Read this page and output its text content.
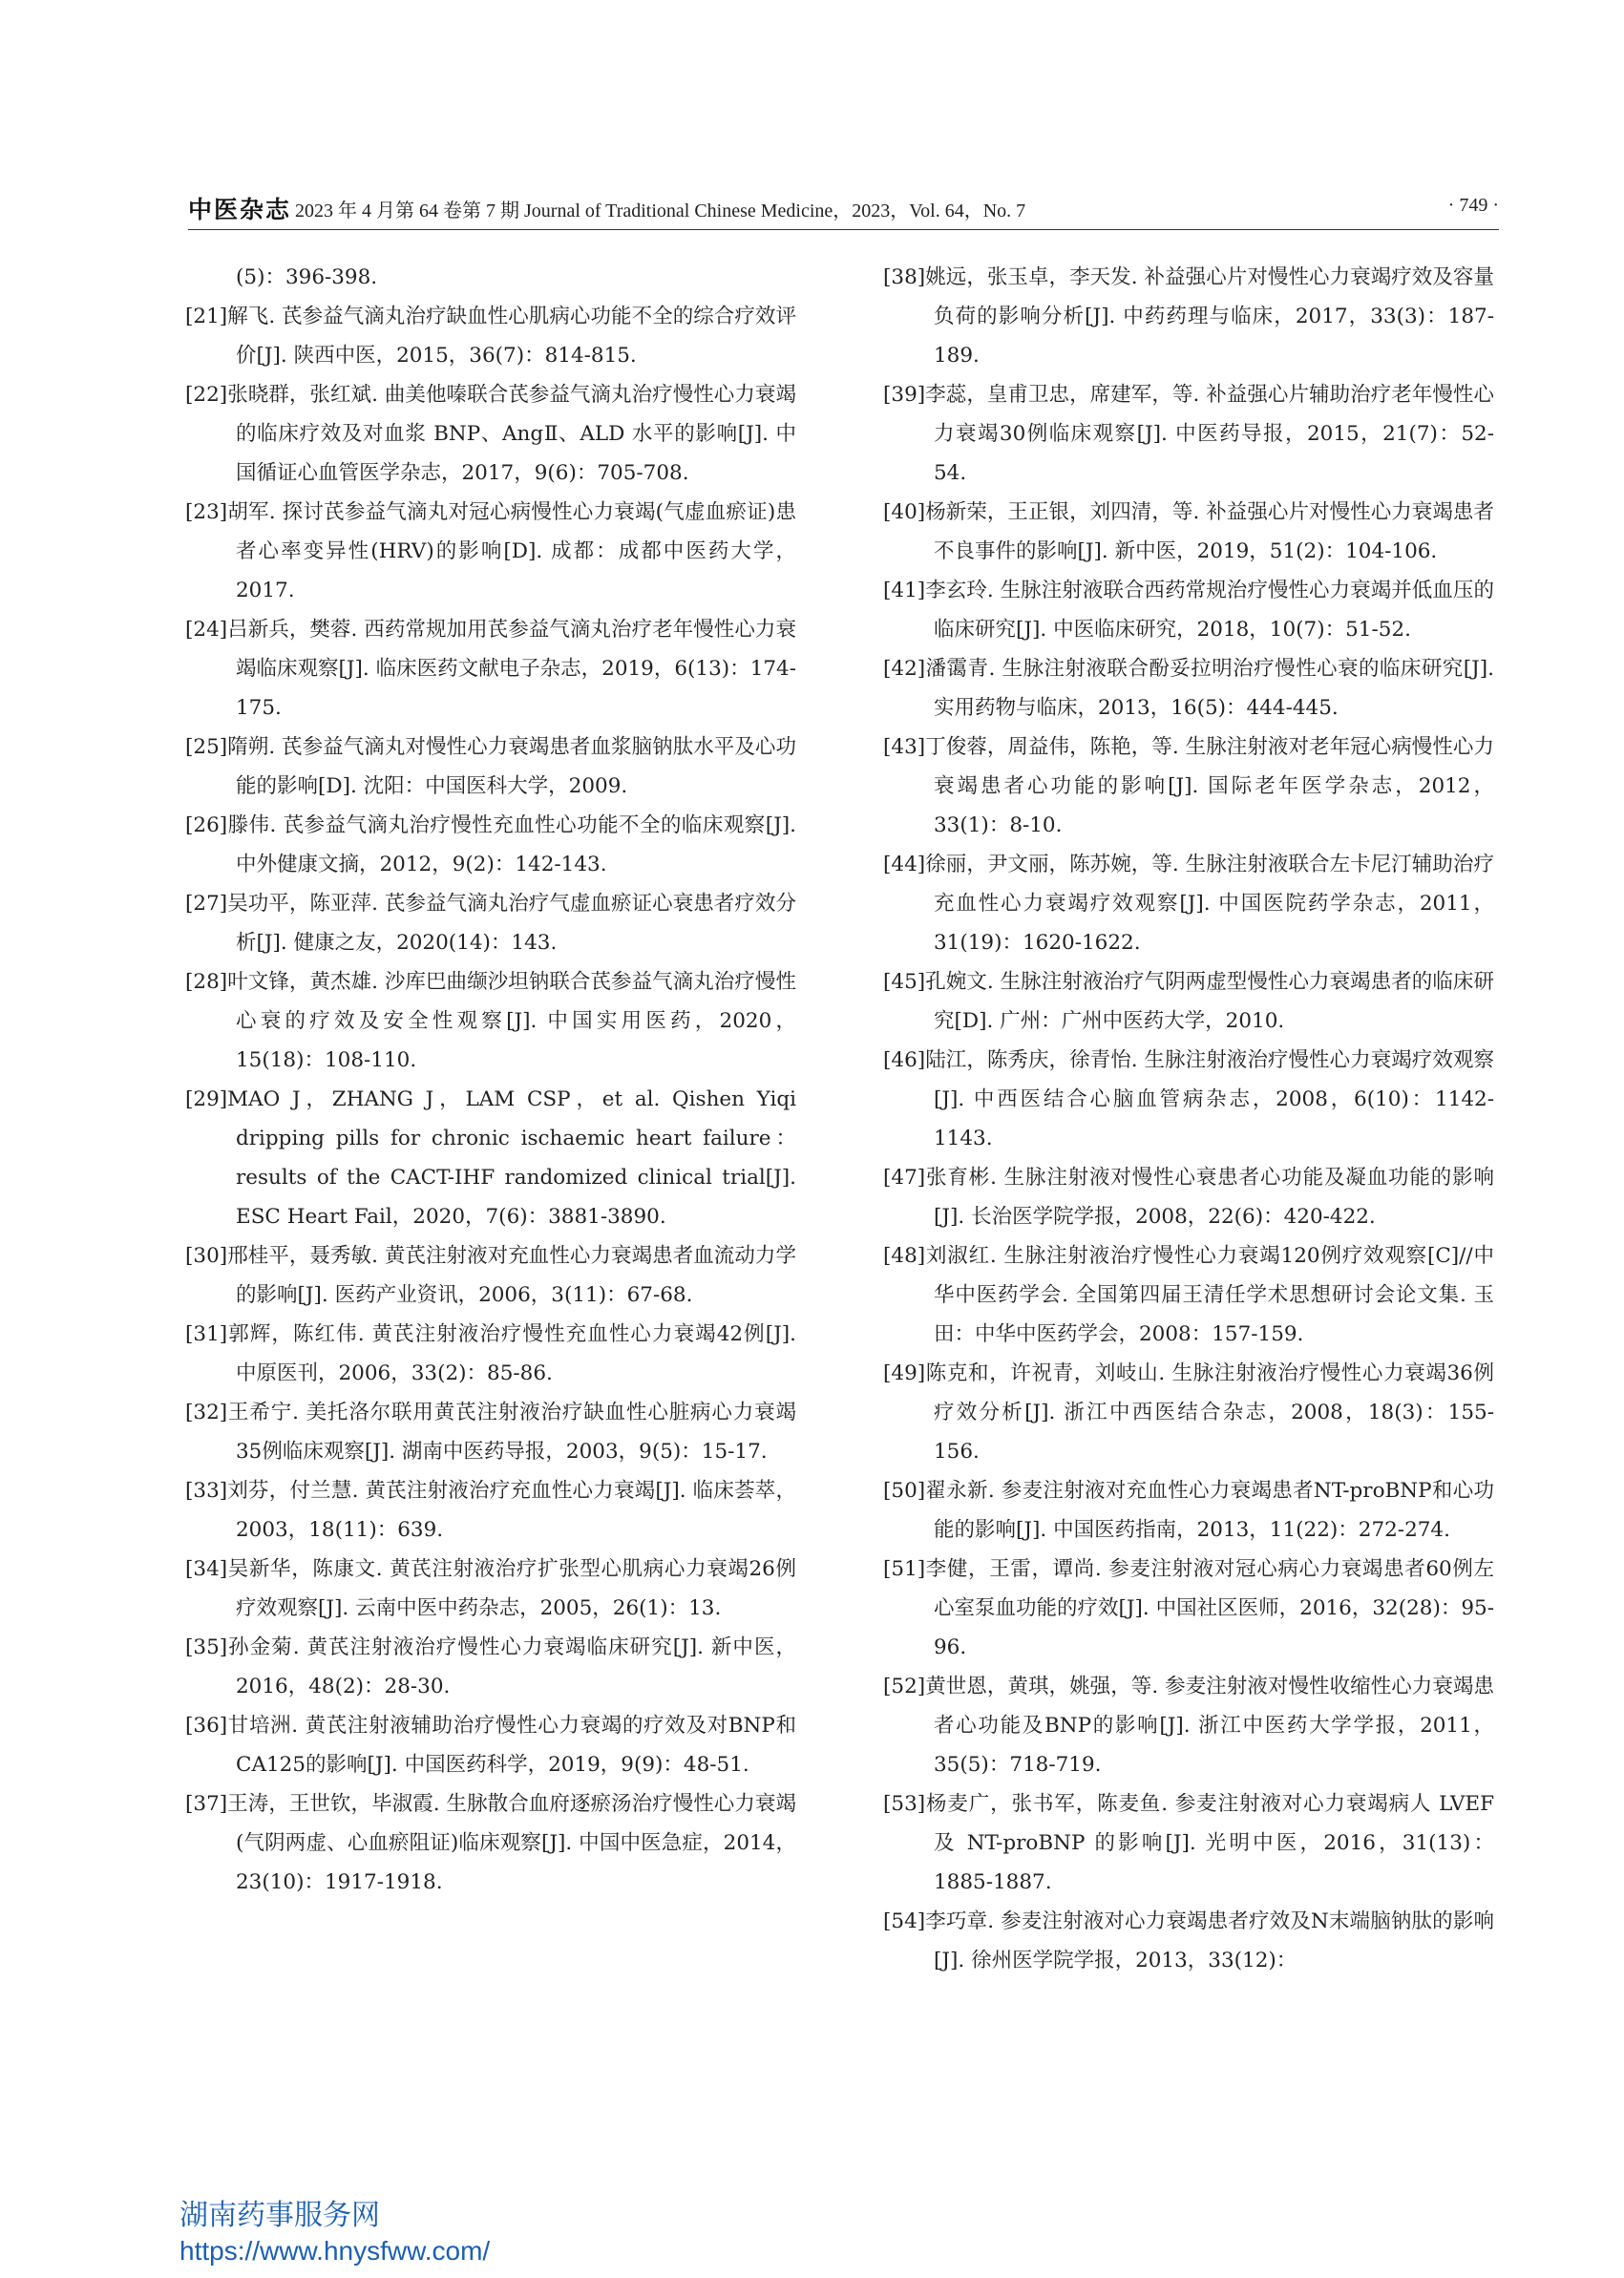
中医杂志 2023 年 4 月第 64 卷第 7 期 Journal of Traditional Chinese Medicine，2023，Vol. 64，No. 7	· 749 ·

(5)：396-398.

[21]解飞. 芪参益气滴丸治疗缺血性心肌病心功能不全的综合疗效评价[J]. 陕西中医，2015，36(7)：814-815.

[22]张晓群，张红斌. 曲美他嗪联合芪参益气滴丸治疗慢性心力衰竭的临床疗效及对血浆 BNP、AngⅡ、ALD 水平的影响[J]. 中国循证心血管医学杂志，2017，9(6)：705-708.

[23]胡军. 探讨芪参益气滴丸对冠心病慢性心力衰竭(气虚血瘀证)患者心率变异性(HRV)的影响[D]. 成都：成都中医药大学，2017.

[24]吕新兵，樊蓉. 西药常规加用芪参益气滴丸治疗老年慢性心力衰竭临床观察[J]. 临床医药文献电子杂志，2019，6(13)：174-175.

[25]隋朔. 芪参益气滴丸对慢性心力衰竭患者血浆脑钠肽水平及心功能的影响[D]. 沈阳：中国医科大学，2009.

[26]滕伟. 芪参益气滴丸治疗慢性充血性心功能不全的临床观察[J]. 中外健康文摘，2012，9(2)：142-143.

[27]吴功平，陈亚萍. 芪参益气滴丸治疗气虚血瘀证心衰患者疗效分析[J]. 健康之友，2020(14)：143.

[28]叶文锋，黄杰雄. 沙库巴曲缬沙坦钠联合芪参益气滴丸治疗慢性心衰的疗效及安全性观察[J]. 中国实用医药，2020，15(18)：108-110.

[29]MAO J，ZHANG J，LAM CSP，et al. Qishen Yiqi dripping pills for chronic ischaemic heart failure：results of the CACT-IHF randomized clinical trial[J]. ESC Heart Fail，2020，7(6)：3881-3890.

[30]邢桂平，聂秀敏. 黄芪注射液对充血性心力衰竭患者血流动力学的影响[J]. 医药产业资讯，2006，3(11)：67-68.

[31]郭辉，陈红伟. 黄芪注射液治疗慢性充血性心力衰竭42例[J]. 中原医刊，2006，33(2)：85-86.

[32]王希宁. 美托洛尔联用黄芪注射液治疗缺血性心脏病心力衰竭35例临床观察[J]. 湖南中医药导报，2003，9(5)：15-17.

[33]刘芬，付兰慧. 黄芪注射液治疗充血性心力衰竭[J]. 临床荟萃，2003，18(11)：639.

[34]吴新华，陈康文. 黄芪注射液治疗扩张型心肌病心力衰竭26例疗效观察[J]. 云南中医中药杂志，2005，26(1)：13.

[35]孙金菊. 黄芪注射液治疗慢性心力衰竭临床研究[J]. 新中医，2016，48(2)：28-30.

[36]甘培洲. 黄芪注射液辅助治疗慢性心力衰竭的疗效及对BNP和CA125的影响[J]. 中国医药科学，2019，9(9)：48-51.

[37]王涛，王世钦，毕淑霞. 生脉散合血府逐瘀汤治疗慢性心力衰竭(气阴两虚、心血瘀阻证)临床观察[J]. 中国中医急症，2014，23(10)：1917-1918.

[38]姚远，张玉卓，李天发. 补益强心片对慢性心力衰竭疗效及容量负荷的影响分析[J]. 中药药理与临床，2017，33(3)：187-189.

[39]李蕊，皇甫卫忠，席建军，等. 补益强心片辅助治疗老年慢性心力衰竭30例临床观察[J]. 中医药导报，2015，21(7)：52-54.

[40]杨新荣，王正银，刘四清，等. 补益强心片对慢性心力衰竭患者不良事件的影响[J]. 新中医，2019，51(2)：104-106.

[41]李玄玲. 生脉注射液联合西药常规治疗慢性心力衰竭并低血压的临床研究[J]. 中医临床研究，2018，10(7)：51-52.

[42]潘霭青. 生脉注射液联合酚妥拉明治疗慢性心衰的临床研究[J]. 实用药物与临床，2013，16(5)：444-445.

[43]丁俊蓉，周益伟，陈艳，等. 生脉注射液对老年冠心病慢性心力衰竭患者心功能的影响[J]. 国际老年医学杂志，2012，33(1)：8-10.

[44]徐丽，尹文丽，陈苏婉，等. 生脉注射液联合左卡尼汀辅助治疗充血性心力衰竭疗效观察[J]. 中国医院药学杂志，2011，31(19)：1620-1622.

[45]孔婉文. 生脉注射液治疗气阴两虚型慢性心力衰竭患者的临床研究[D]. 广州：广州中医药大学，2010.

[46]陆江，陈秀庆，徐青怡. 生脉注射液治疗慢性心力衰竭疗效观察[J]. 中西医结合心脑血管病杂志，2008，6(10)：1142-1143.

[47]张育彬. 生脉注射液对慢性心衰患者心功能及凝血功能的影响[J]. 长治医学院学报，2008，22(6)：420-422.

[48]刘淑红. 生脉注射液治疗慢性心力衰竭120例疗效观察[C]//中华中医药学会. 全国第四届王清任学术思想研讨会论文集. 玉田：中华中医药学会，2008：157-159.

[49]陈克和，许祝青，刘岐山. 生脉注射液治疗慢性心力衰竭36例疗效分析[J]. 浙江中西医结合杂志，2008，18(3)：155-156.

[50]翟永新. 参麦注射液对充血性心力衰竭患者NT-proBNP和心功能的影响[J]. 中国医药指南，2013，11(22)：272-274.

[51]李健，王雷，谭尚. 参麦注射液对冠心病心力衰竭患者60例左心室泵血功能的疗效[J]. 中国社区医师，2016，32(28)：95-96.

[52]黄世恩，黄琪，姚强，等. 参麦注射液对慢性收缩性心力衰竭患者心功能及BNP的影响[J]. 浙江中医药大学学报，2011，35(5)：718-719.

[53]杨麦广，张书军，陈麦鱼. 参麦注射液对心力衰竭病人 LVEF 及 NT-proBNP 的影响[J]. 光明中医，2016，31(13)：1885-1887.

[54]李巧章. 参麦注射液对心力衰竭患者疗效及N末端脑钠肽的影响[J]. 徐州医学院学报，2013，33(12)：

湖南药事服务网
https://www.hnysfww.com/
